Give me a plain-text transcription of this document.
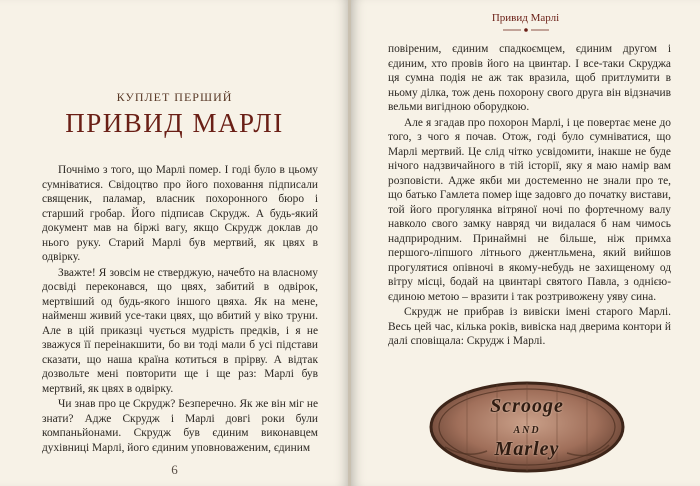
КУПЛЕТ ПЕРШИЙ
ПРИВИД МАРЛІ

Почнімо з того, що Марлі помер. І годі було в цьому сумніватися. Свідоцтво про його поховання підписали священик, паламар, власник похоронного бюро і старший гробар. Його підписав Скрудж. А будь-який документ мав на біржі вагу, якщо Скрудж доклав до нього руку. Старий Марлі був мертвий, як цвях в одвірку.

Зважте! Я зовсім не стверджую, начебто на власному досвіді переконався, що цвях, забитий в одвірок, мертвіший од будь-якого іншого цвяха. Як на мене, найменш живий усе-таки цвях, що вбитий у віко труни. Але в цій приказці чується мудрість предків, і я не зважуся її переінакшити, бо ви тоді мали б усі підстави сказати, що наша країна котиться в прірву. А відтак дозвольте мені повторити ще і ще раз: Марлі був мертвий, як цвях в одвірку.

Чи знав про це Скрудж? Безперечно. Як же він міг не знати? Адже Скрудж і Марлі довгі роки були компаньйонами. Скрудж був єдиним виконавцем духівниці Марлі, його єдиним уповноваженим, єдиним

6
Привид Марлі

повіреним, єдиним спадкоємцем, єдиним другом і єдиним, хто провів його на цвинтар. І все-таки Скруджа ця сумна подія не аж так вразила, щоб притлумити в ньому ділка, тож день похорону свого друга він відзначив вельми вигідною оборудкою.

Але я згадав про похорон Марлі, і це повертає мене до того, з чого я почав. Отож, годі було сумніватися, що Марлі мертвий. Це слід чітко усвідомити, інакше не буде нічого надзвичайного в тій історії, яку я маю намір вам розповісти. Адже якби ми достеменно не знали про те, що батько Гамлета помер іще задовго до початку вистави, той його прогулянка вітряної ночі по фортечному валу навколо свого замку навряд чи видалася б нам чимось надприродним. Принаймні не більше, ніж примха першого-ліпшого літнього джентльмена, який вийшов прогулятися опівночі в якому-небудь не захищеному од вітру місці, бодай на цвинтарі святого Павла, з однією-єдиною метою – вразити і так розтривожену уяву сина.

Скрудж не прибрав із вивіски імені старого Марлі. Весь цей час, кілька років, вивіска над дверима контори й далі сповіщала: Скрудж і Марлі.

Scrooge
AND
Marley
